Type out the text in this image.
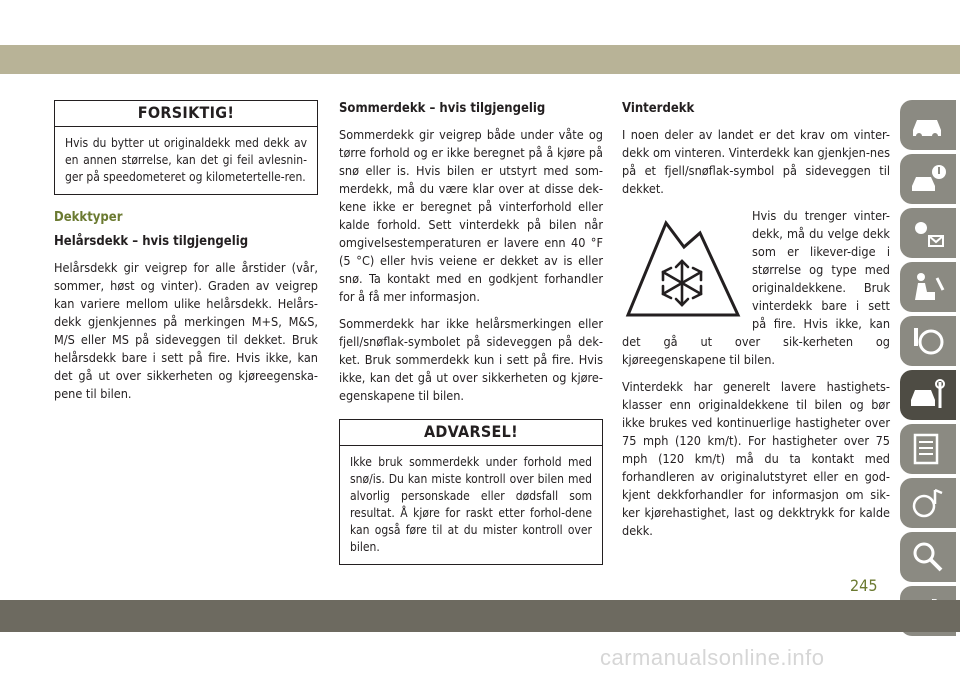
FORSIKTIG!
Hvis du bytter ut originaldekk med dekk av en annen størrelse, kan det gi feil avlesnin-ger på speedometeret og kilometertelle-ren.
Dekktyper
Helårsdekk – hvis tilgjengelig

Helårsdekk gir veigrep for alle årstider (vår, sommer, høst og vinter). Graden av veigrep kan variere mellom ulike helårsdekk. Helårs-dekk gjenkjennes på merkingen M+S, M&S, M/S eller MS på sideveggen til dekket. Bruk helårsdekk bare i sett på fire. Hvis ikke, kan det gå ut over sikkerheten og kjøreegenska-pene til bilen.

Sommerdekk – hvis tilgjengelig

Sommerdekk gir veigrep både under våte og tørre forhold og er ikke beregnet på å kjøre på snø eller is. Hvis bilen er utstyrt med som-merdekk, må du være klar over at disse dek-kene ikke er beregnet på vinterforhold eller kalde forhold. Sett vinterdekk på bilen når omgivelsestemperaturen er lavere enn 40 °F (5 °C) eller hvis veiene er dekket av is eller snø. Ta kontakt med en godkjent forhandler for å få mer informasjon.

Sommerdekk har ikke helårsmerkingen eller fjell/snøflak-symbolet på sideveggen på dek-ket. Bruk sommerdekk kun i sett på fire. Hvis ikke, kan det gå ut over sikkerheten og kjøre-egenskapene til bilen.

ADVARSEL!
Ikke bruk sommerdekk under forhold med snø/is. Du kan miste kontroll over bilen med alvorlig personskade eller dødsfall som resultat. Å kjøre for raskt etter forhol-dene kan også føre til at du mister kontroll over bilen.
Vinterdekk

I noen deler av landet er det krav om vinter-dekk om vinteren. Vinterdekk kan gjenkjen-nes på et fjell/snøflak-symbol på sideveggen til dekket.

Hvis du trenger vinter-dekk, må du velge dekk som er likever-dige i størrelse og type med originaldekkene. Bruk vinterdekk bare i sett på fire. Hvis ikke, kan det gå ut over sik-kerheten og kjøreegenskapene til bilen.

Vinterdekk har generelt lavere hastighets-klasser enn originaldekkene til bilen og bør ikke brukes ved kontinuerlige hastigheter over 75 mph (120 km/t). For hastigheter over 75 mph (120 km/t) må du ta kontakt med forhandleren av originalutstyret eller en god-kjent dekkforhandler for informasjon om sik-ker kjørehastighet, last og dekktrykk for kalde dekk.

245
carmanualsonline.info
